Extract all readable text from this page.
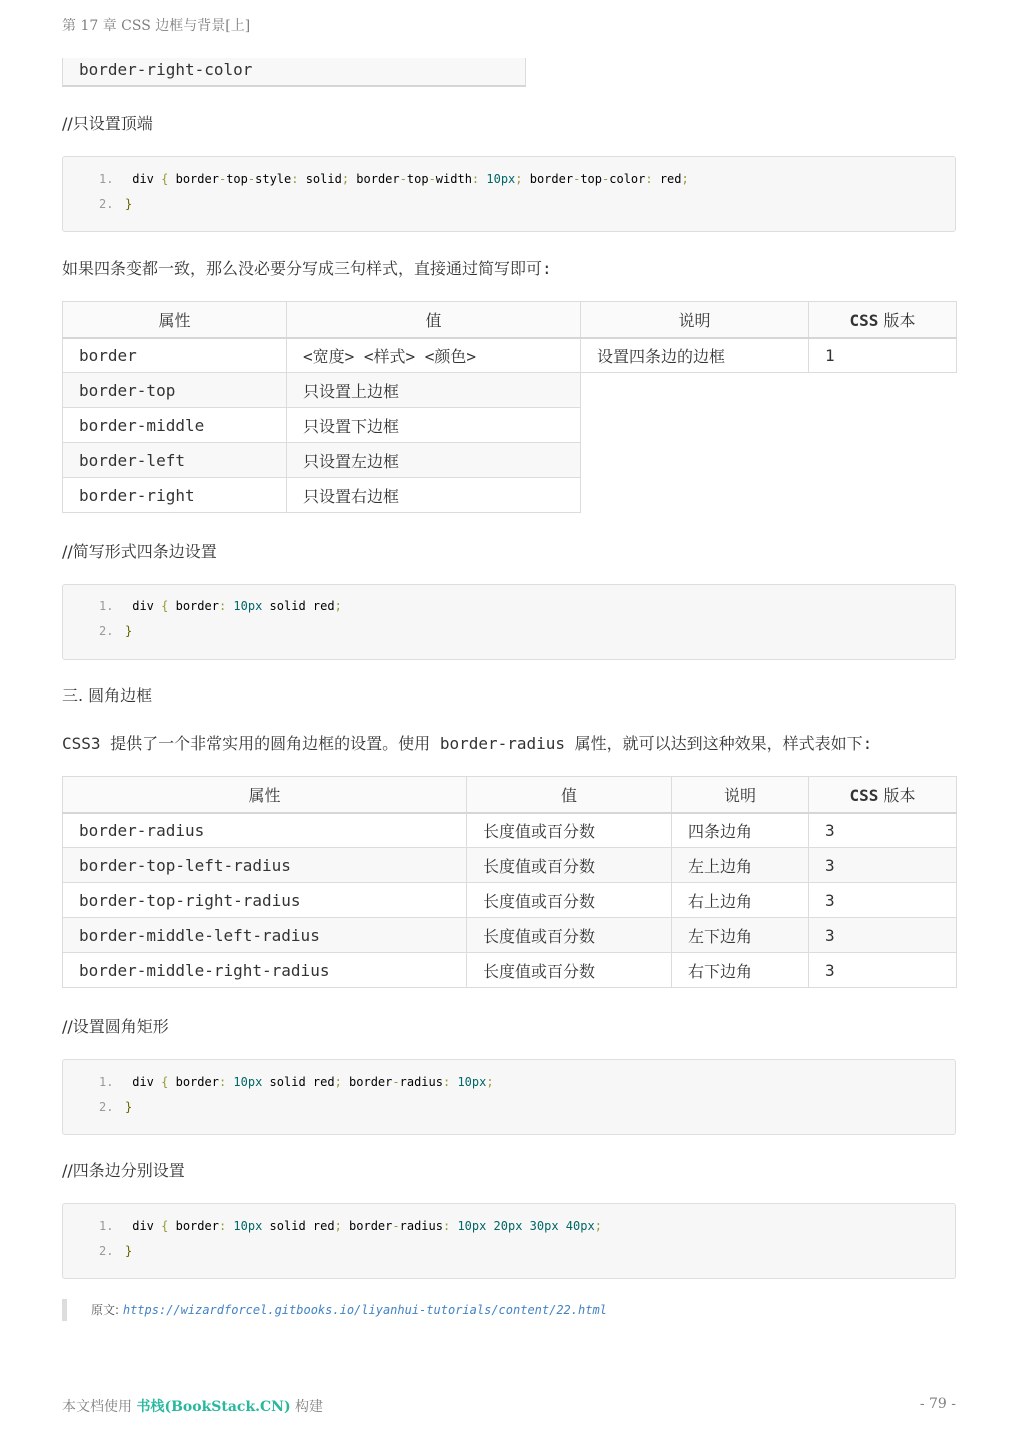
第 17 章 CSS 边框与背景[上]
border-right-color
//只设置顶端
1. div { border-top-style: solid; border-top-width: 10px; border-top-color: red;
2. }
如果四条变都一致，那么没必要分写成三句样式，直接通过简写即可:
属性	值	说明	CSS 版本
border	<宽度> <样式> <颜色>	设置四条边的边框	1
border-top	只设置上边框		
border-middle	只设置下边框		
border-left	只设置左边框		
border-right	只设置右边框		
//简写形式四条边设置
1. div { border: 10px solid red;
2. }
三. 圆角边框
CSS3 提供了一个非常实用的圆角边框的设置。使用 border-radius 属性，就可以达到这种效果，样式表如下:
属性	值	说明	CSS 版本
border-radius	长度值或百分数	四条边角	3
border-top-left-radius	长度值或百分数	左上边角	3
border-top-right-radius	长度值或百分数	右上边角	3
border-middle-left-radius	长度值或百分数	左下边角	3
border-middle-right-radius	长度值或百分数	右下边角	3
//设置圆角矩形
1. div { border: 10px solid red; border-radius: 10px;
2. }
//四条边分别设置
1. div { border: 10px solid red; border-radius: 10px 20px 30px 40px;
2. }
原文: https://wizardforcel.gitbooks.io/liyanhui-tutorials/content/22.html
本文档使用 书栈(BookStack.CN) 构建	- 79 -
